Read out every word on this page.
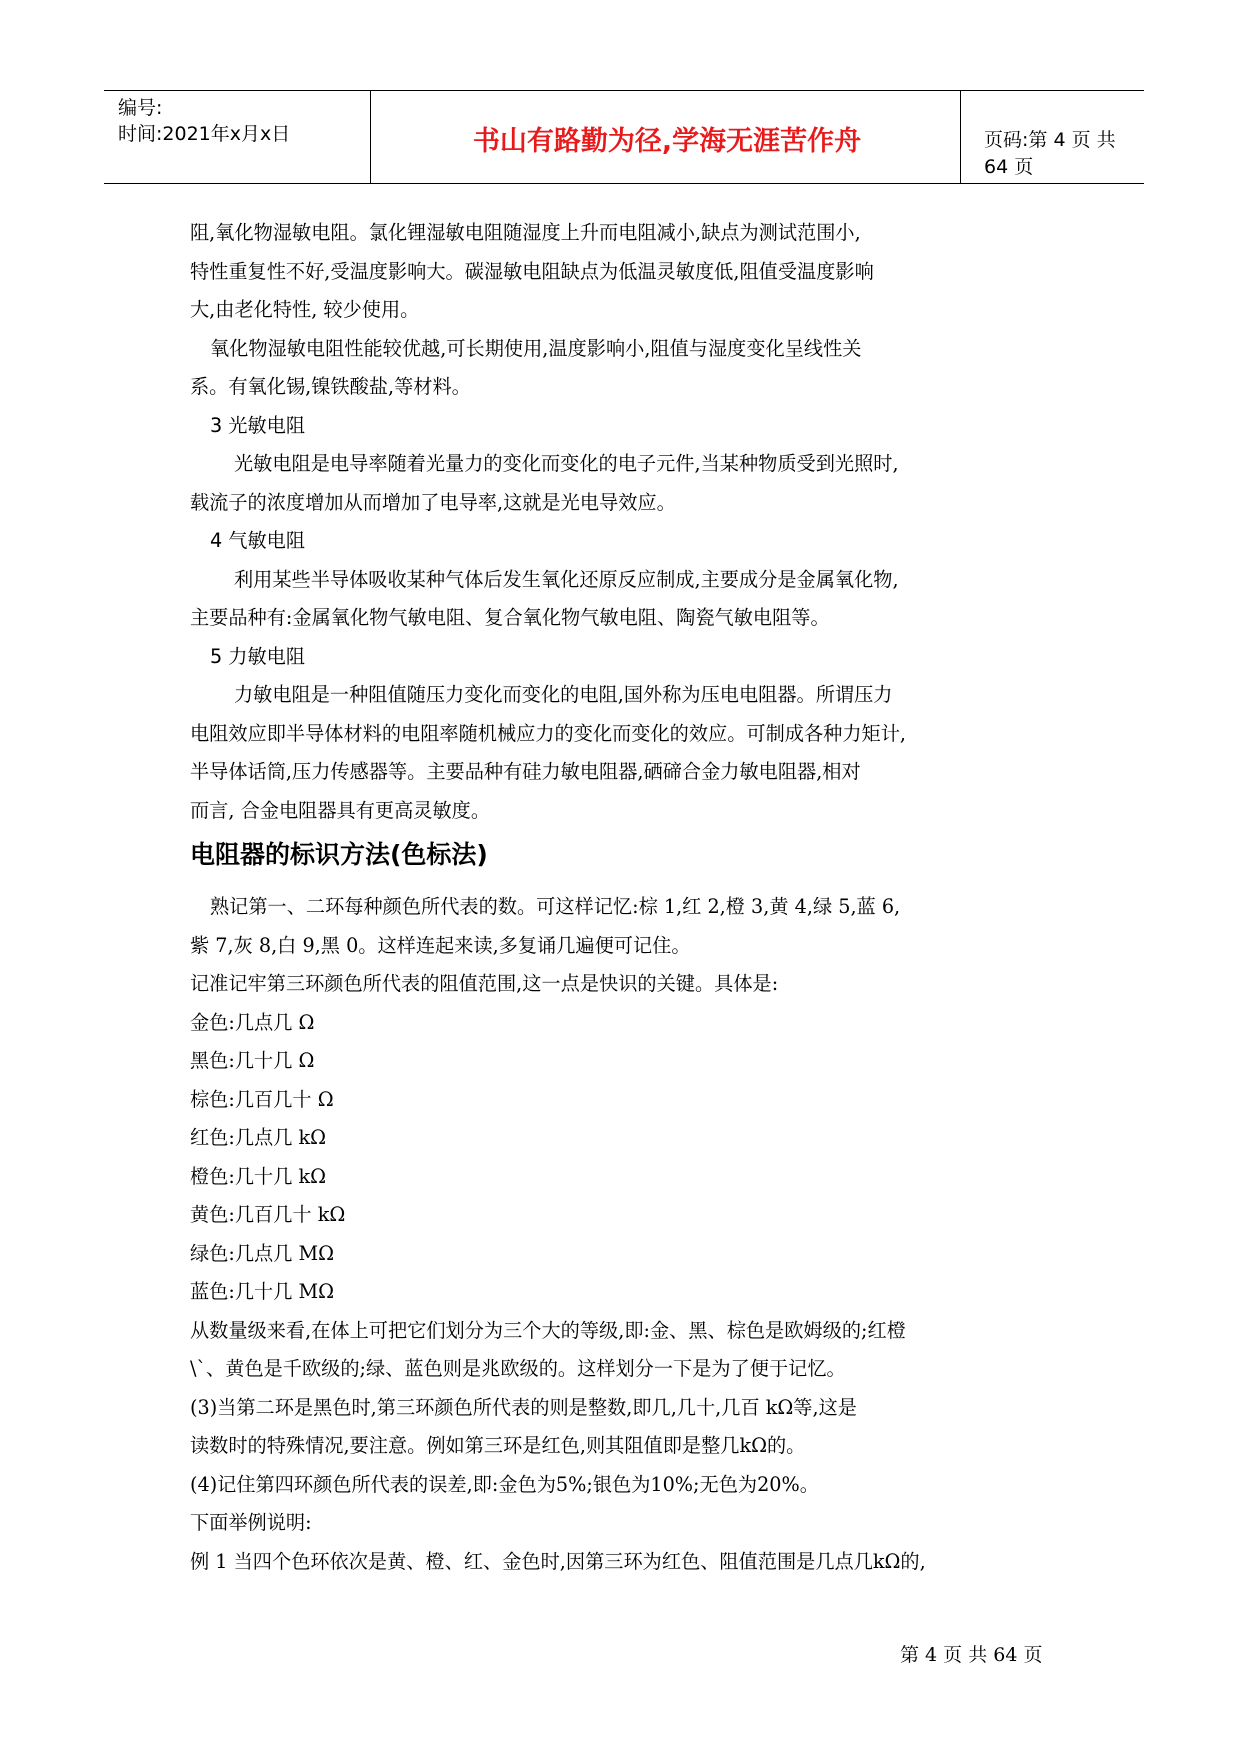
编号:
时间:2021年x月x日	书山有路勤为径,学海无涯苦作舟	页码:第 4 页 共 64 页

阻,氧化物湿敏电阻。氯化锂湿敏电阻随湿度上升而电阻减小,缺点为测试范围小,

特性重复性不好,受温度影响大。碳湿敏电阻缺点为低温灵敏度低,阻值受温度影响

大,由老化特性, 较少使用。

氧化物湿敏电阻性能较优越,可长期使用,温度影响小,阻值与湿度变化呈线性关

系。有氧化锡,镍铁酸盐,等材料。

3 光敏电阻

光敏电阻是电导率随着光量力的变化而变化的电子元件,当某种物质受到光照时,

载流子的浓度增加从而增加了电导率,这就是光电导效应。

4 气敏电阻

利用某些半导体吸收某种气体后发生氧化还原反应制成,主要成分是金属氧化物,

主要品种有:金属氧化物气敏电阻、复合氧化物气敏电阻、陶瓷气敏电阻等。

5 力敏电阻

力敏电阻是一种阻值随压力变化而变化的电阻,国外称为压电电阻器。所谓压力

电阻效应即半导体材料的电阻率随机械应力的变化而变化的效应。可制成各种力矩计,

半导体话筒,压力传感器等。主要品种有硅力敏电阻器,硒碲合金力敏电阻器,相对

而言, 合金电阻器具有更高灵敏度。

电阻器的标识方法(色标法)

熟记第一、二环每种颜色所代表的数。可这样记忆:棕 1,红 2,橙 3,黄 4,绿 5,蓝 6,

紫 7,灰 8,白 9,黑 0。这样连起来读,多复诵几遍便可记住。

记准记牢第三环颜色所代表的阻值范围,这一点是快识的关键。具体是:

金色:几点几 Ω

黑色:几十几 Ω

棕色:几百几十 Ω

红色:几点几 kΩ

橙色:几十几 kΩ

黄色:几百几十 kΩ

绿色:几点几 MΩ

蓝色:几十几 MΩ

从数量级来看,在体上可把它们划分为三个大的等级,即:金、黑、棕色是欧姆级的;红橙

\`、黄色是千欧级的;绿、蓝色则是兆欧级的。这样划分一下是为了便于记忆。

(3)当第二环是黑色时,第三环颜色所代表的则是整数,即几,几十,几百 kΩ等,这是

读数时的特殊情况,要注意。例如第三环是红色,则其阻值即是整几kΩ的。

(4)记住第四环颜色所代表的误差,即:金色为5%;银色为10%;无色为20%。

下面举例说明:

例 1 当四个色环依次是黄、橙、红、金色时,因第三环为红色、阻值范围是几点几kΩ的,

第 4 页 共 64 页
